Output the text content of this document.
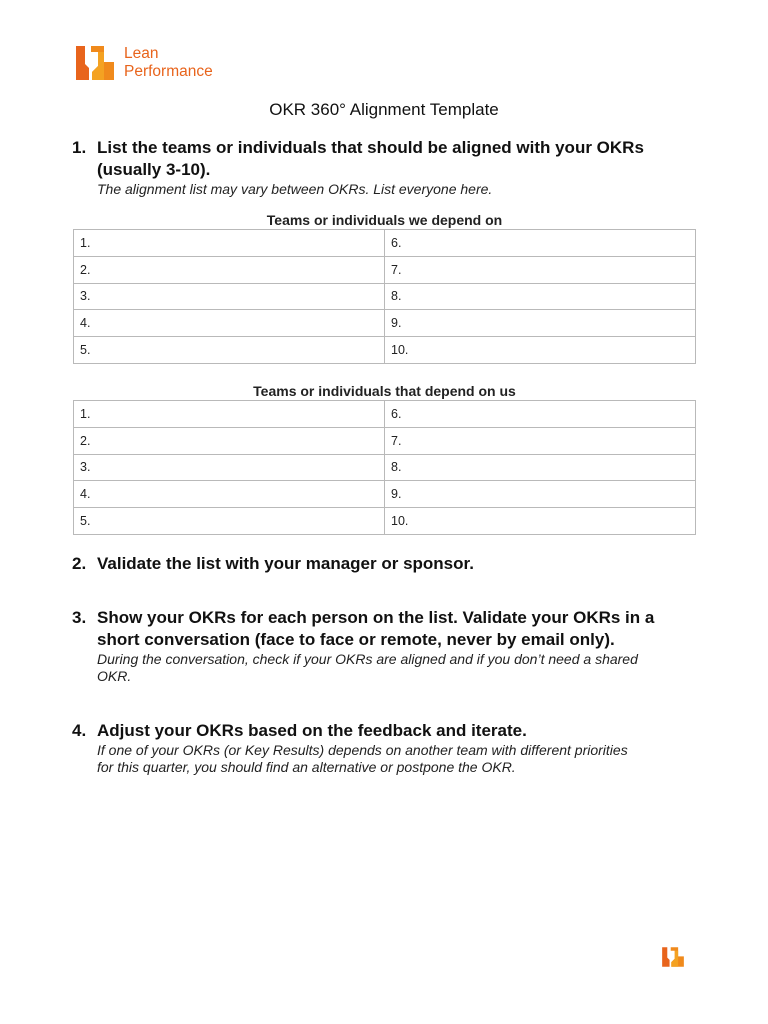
Lean
Performance
OKR 360° Alignment Template
1. List the teams or individuals that should be aligned with your OKRs
(usually 3-10).
The alignment list may vary between OKRs. List everyone here.
Teams or individuals we depend on
1.	6.
2.	7.
3.	8.
4.	9.
5.	10.
Teams or individuals that depend on us
1.	6.
2.	7.
3.	8.
4.	9.
5.	10.
2. Validate the list with your manager or sponsor.
3. Show your OKRs for each person on the list. Validate your OKRs in a
short conversation (face to face or remote, never by email only).
During the conversation, check if your OKRs are aligned and if you don’t need a shared
OKR.
4. Adjust your OKRs based on the feedback and iterate.
If one of your OKRs (or Key Results) depends on another team with different priorities
for this quarter, you should find an alternative or postpone the OKR.
